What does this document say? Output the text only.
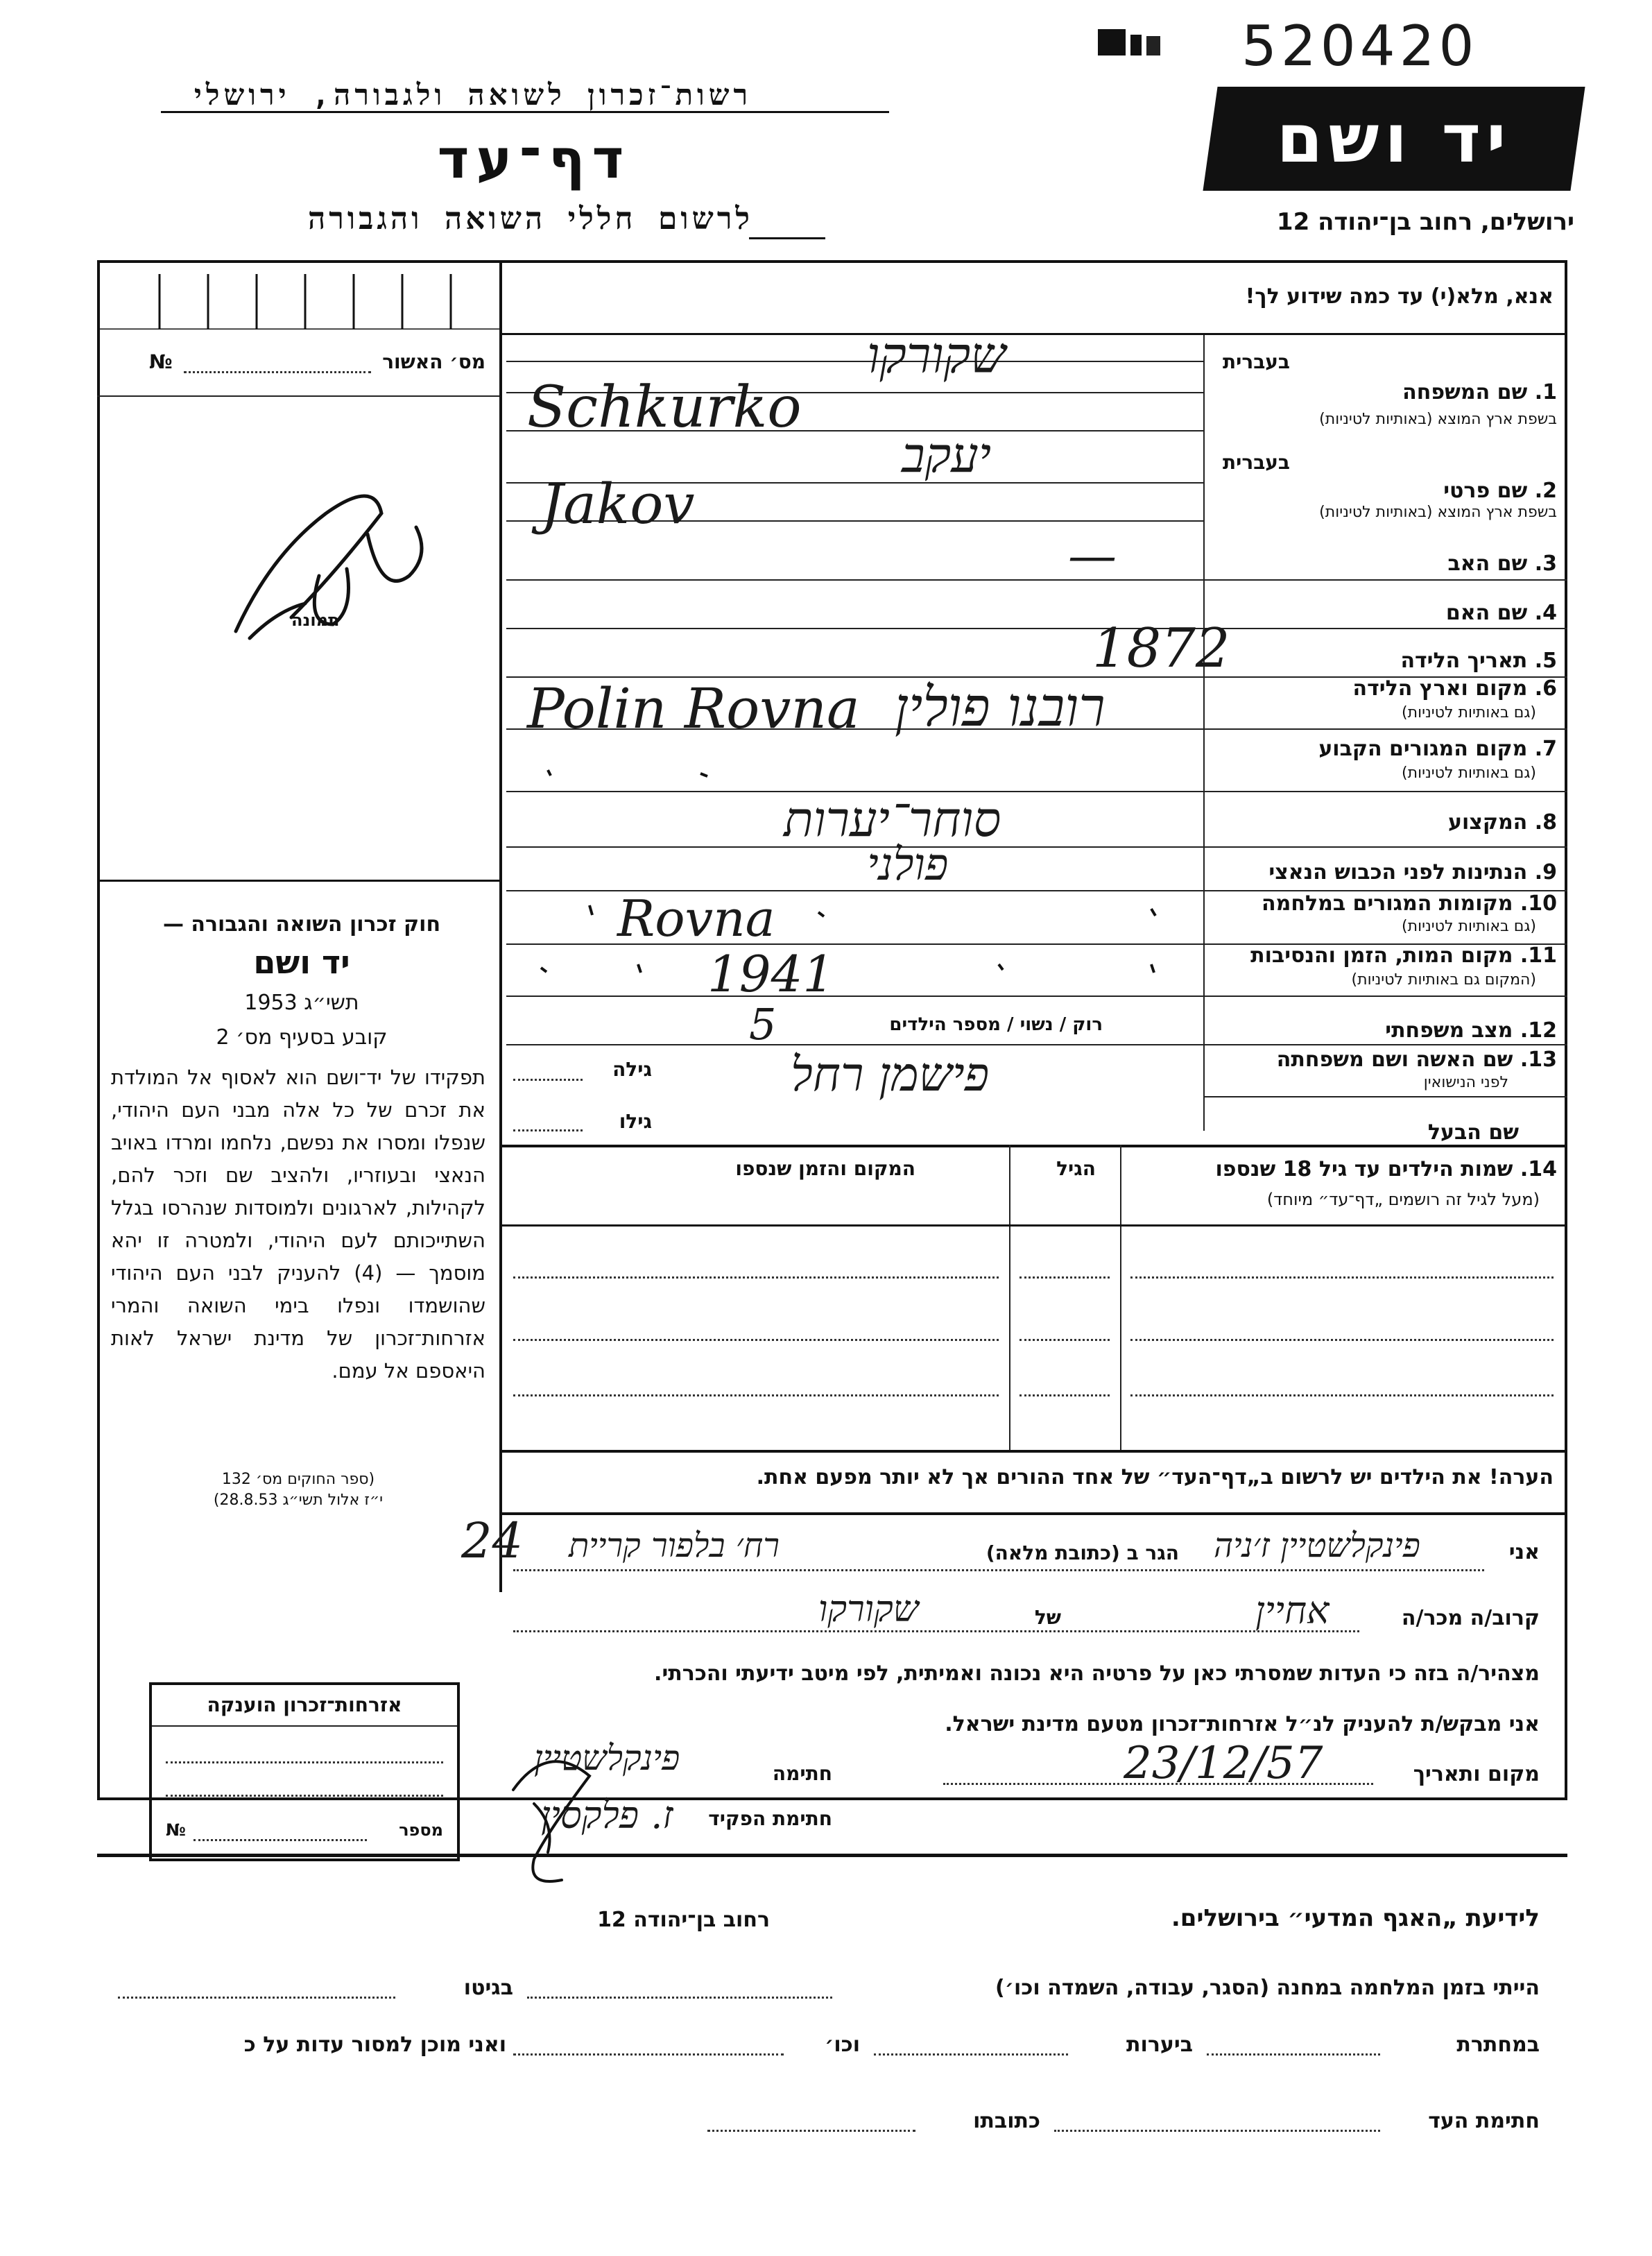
520420
רשות־זכרון לשואה ולגבורה, ירושלי
דף־עד
לרשום חללי השואה והגבורה
יד ושם
ירושלים, רחוב בן־יהודה 12
מס׳ האשור
№
תמונה
חוק זכרון השואה והגבורה —
יד ושם
תשי״ג 1953
קובע בסעיף מס׳ 2
תפקידו של יד־ושם הוא לאסוף אל המולדת את זכרם של כל אלה מבני העם היהודי, שנפלו ומסרו את נפשם, נלחמו ומרדו באויב הנאצי ובעוזריו, ולהציב שם וזכר להם, לקהילות, לארגונים ולמוסדות שנהרסו בגלל השתייכותם לעם היהודי, ולמטרה זו יהא מוסמך — (4) להעניק לבני העם היהודי שהושמדו ונפלו בימי השואה והמרי אזרחות־זכרון של מדינת ישראל לאות היאספם אל עמם.
(ספר החוקים מס׳ 132
י״ז אלול תשי״ג 28.8.53)
אזרחות־זכרון הוענקה
מספר
№
אנא, מלא(י) עד כמה שידוע לך!
בעברית
1. שם המשפחה
בשפת ארץ המוצא (באותיות לטיניות)
בעברית
2. שם פרטי
בשפת ארץ המוצא (באותיות לטיניות)
3. שם האב
4. שם האם
5. תאריך הלידה
6. מקום וארץ הלידה
(גם באותיות לטיניות)
7. מקום המגורים הקבוע
(גם באותיות לטיניות)
8. המקצוע
9. הנתינות לפני הכבוש הנאצי
10. מקומות המגורים במלחמה
(גם באותיות לטיניות)
11. מקום המות, הזמן והנסיבות
(המקום גם באותיות לטיניות)
12. מצב משפחתי
רוק / נשוי / מספר הילדים
13. שם האשה ושם משפחתה
לפני הנישואין
גילה
שם הבעל
גילו
14. שמות הילדים עד גיל 18 שנספו
(מעל לגיל זה רושמים „דף־עד״ מיוחד)
הגיל
המקום והזמן שנספו
הערה! את הילדים יש לרשום ב„דף־העד״ של אחד ההורים אך לא יותר מפעם אחת.
שקורקו
Schkurko
יעקב
Jakov
—
1872
Polin Rovna רובנו פולין
סוחר־יערות
פולני
Rovna
1941
5
פישמן רחל
אני
פינקלשטיין ז׳ניה
הגר ב (כתובת מלאה)
רח׳ בלפור קריית
24
קרוב/ה מכר/ה
אחיין
של
שקורקו
מצהיר/ה בזה כי העדות שמסרתי כאן על פרטיה היא נכונה ואמיתית, לפי מיטב ידיעתי והכרתי.
אני מבקש/ת להעניק לנ״ל אזרחות־זכרון מטעם מדינת ישראל.
מקום ותאריך
23/12/57
חתימה
פינקלשטיין
חתימת הפקיד
ז. פלקסין
לידיעת „האגף המדעי״ בירושלים.
רחוב בן־יהודה 12
הייתי בזמן המלחמה במחנה (הסגר, עבודה, השמדה וכו׳)
בגיטו
במחתרת
ביערות
וכו׳
ואני מוכן למסור עדות על כ
חתימת העד
כתובתו
